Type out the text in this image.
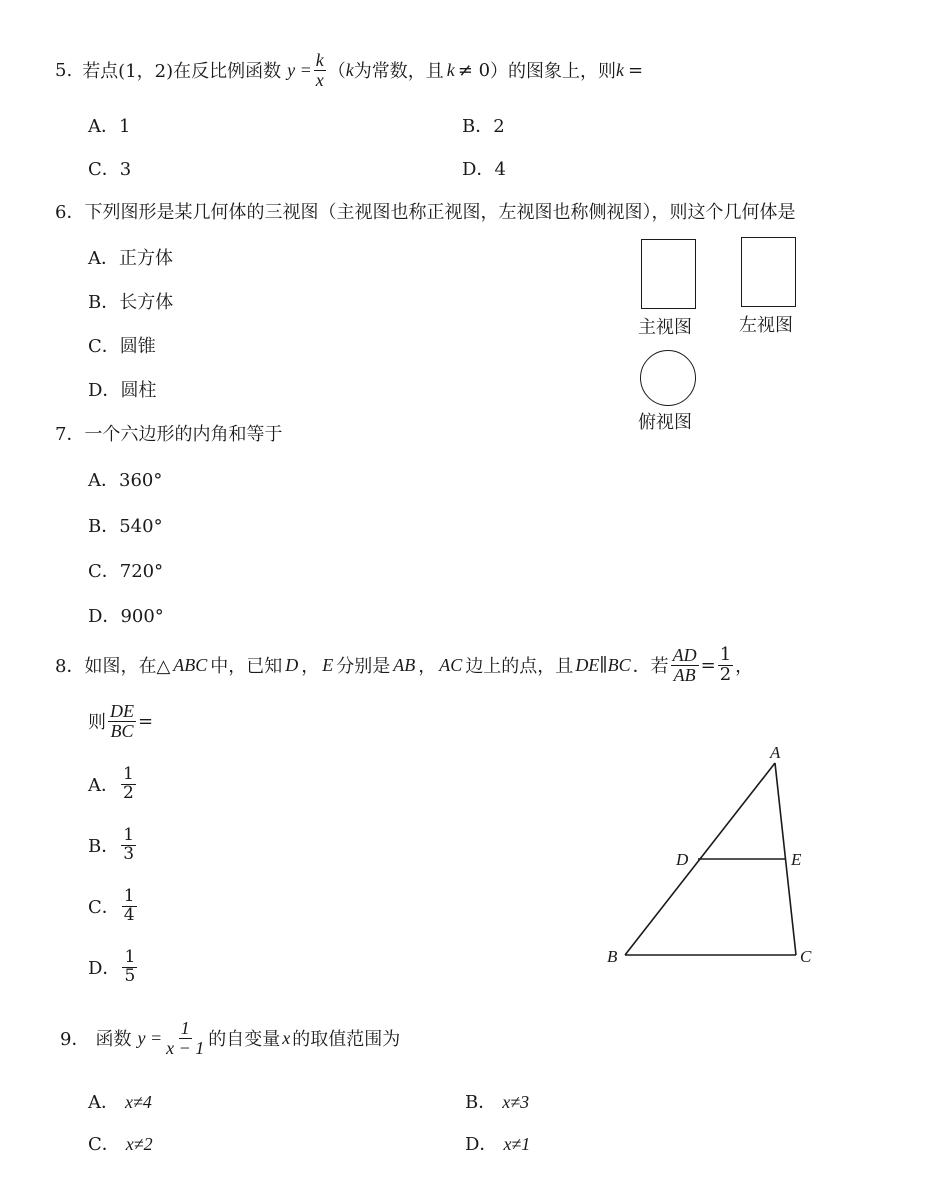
5. 若点(1，2)在反比例函数 $y = \frac{k}{x}$ （ k 为常数，且 k ≠ 0 ）的图象上，则 k =
A．1	B．2
C．3	D．4
6．下列图形是某几何体的三视图（主视图也称正视图，左视图也称侧视图），则这个几何体是
A．正方体
B．长方体
C．圆锥
D．圆柱
主视图	左视图
俯视图
7．一个六边形的内角和等于
A．360°
B．540°
C．720°
D．900°
8． 如图，在△ ABC 中，已知 D ， E 分别是 AB ， AC 边上的点，且 DE∥BC ．若 $\frac{AD}{AB} = \frac{1}{2}$ ，
则 $\frac{DE}{BC}$ =
A． $\frac{1}{2}$
B． $\frac{1}{3}$
C． $\frac{1}{4}$
D． $\frac{1}{5}$
A
D	E
B	C
9． 函数 $y = \frac{1}{x - 1}$ 的自变量 x 的取值范围为
A． x≠4	B． x≠3
C． x≠2	D． x≠1
